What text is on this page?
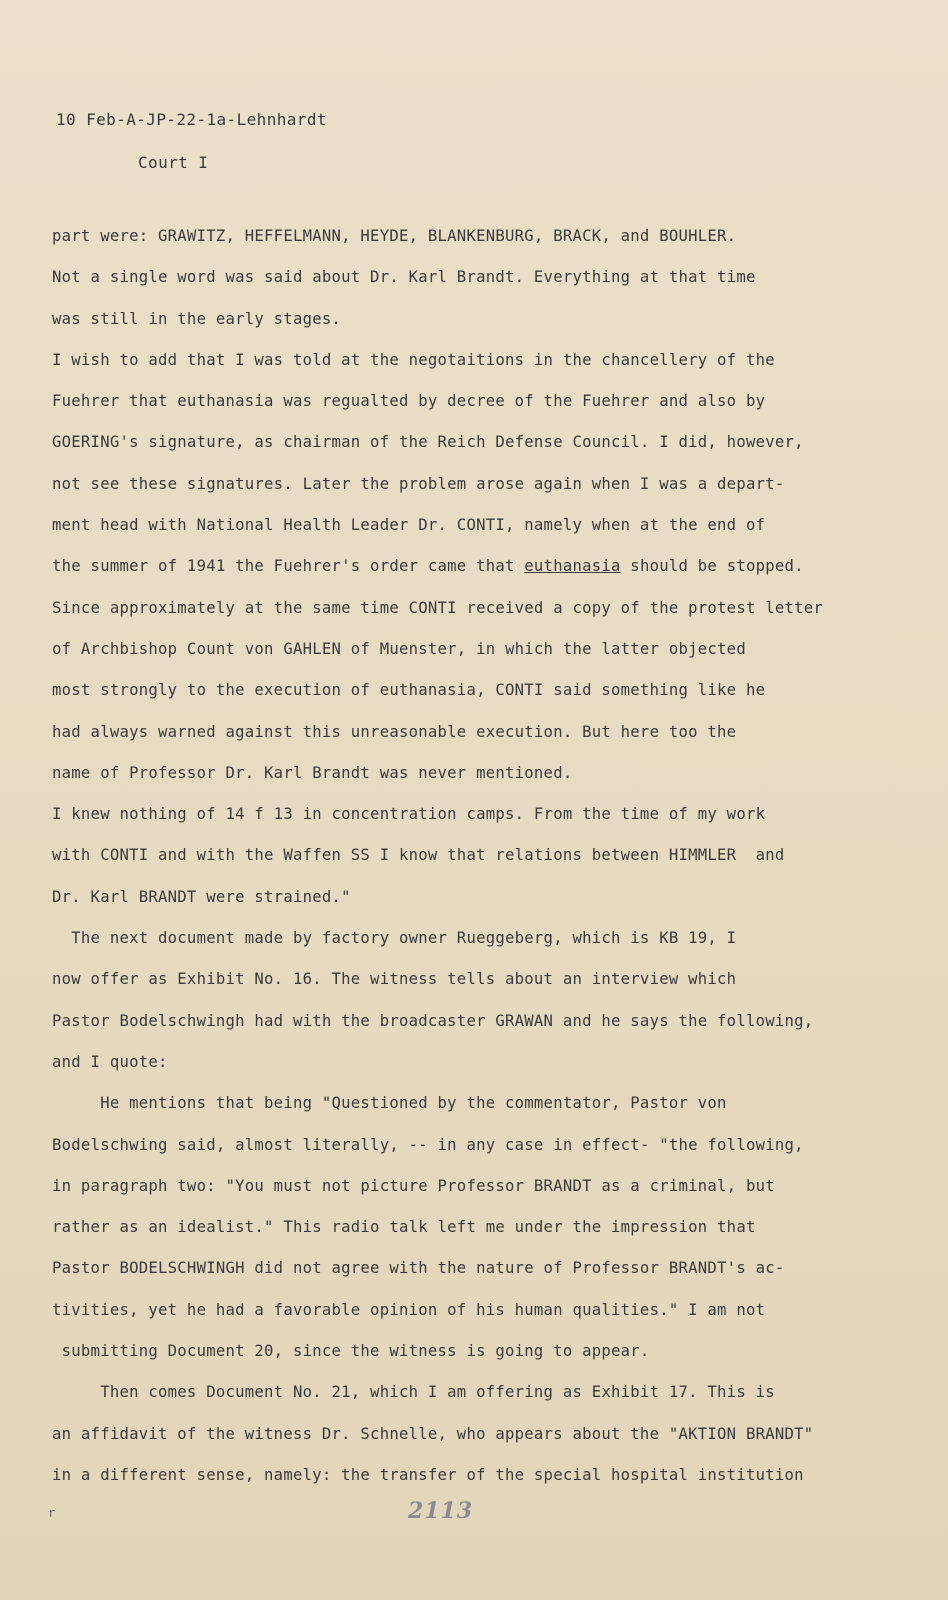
10 Feb-A-JP-22-1a-Lehnhardt
Court I
part were: GRAWITZ, HEFFELMANN, HEYDE, BLANKENBURG, BRACK, and BOUHLER.
Not a single word was said about Dr. Karl Brandt. Everything at that time
was still in the early stages.
I wish to add that I was told at the negotaitions in the chancellery of the
Fuehrer that euthanasia was regualted by decree of the Fuehrer and also by
GOERING's signature, as chairman of the Reich Defense Council. I did, however,
not see these signatures. Later the problem arose again when I was a depart-
ment head with National Health Leader Dr. CONTI, namely when at the end of
the summer of 1941 the Fuehrer's order came that euthanasia should be stopped.
Since approximately at the same time CONTI received a copy of the protest letter
of Archbishop Count von GAHLEN of Muenster, in which the latter objected
most strongly to the execution of euthanasia, CONTI said something like he
had always warned against this unreasonable execution. But here too the
name of Professor Dr. Karl Brandt was never mentioned.
I knew nothing of 14 f 13 in concentration camps. From the time of my work
with CONTI and with the Waffen SS I know that relations between HIMMLER  and
Dr. Karl BRANDT were strained."
The next document made by factory owner Rueggeberg, which is KB 19, I
now offer as Exhibit No. 16. The witness tells about an interview which
Pastor Bodelschwingh had with the broadcaster GRAWAN and he says the following,
and I quote:
He mentions that being "Questioned by the commentator, Pastor von
Bodelschwing said, almost literally, -- in any case in effect- "the following,
in paragraph two: "You must not picture Professor BRANDT as a criminal, but
rather as an idealist." This radio talk left me under the impression that
Pastor BODELSCHWINGH did not agree with the nature of Professor BRANDT's ac-
tivities, yet he had a favorable opinion of his human qualities." I am not
submitting Document 20, since the witness is going to appear.
Then comes Document No. 21, which I am offering as Exhibit 17. This is
an affidavit of the witness Dr. Schnelle, who appears about the "AKTION BRANDT"
in a different sense, namely: the transfer of the special hospital institution
r	2113
